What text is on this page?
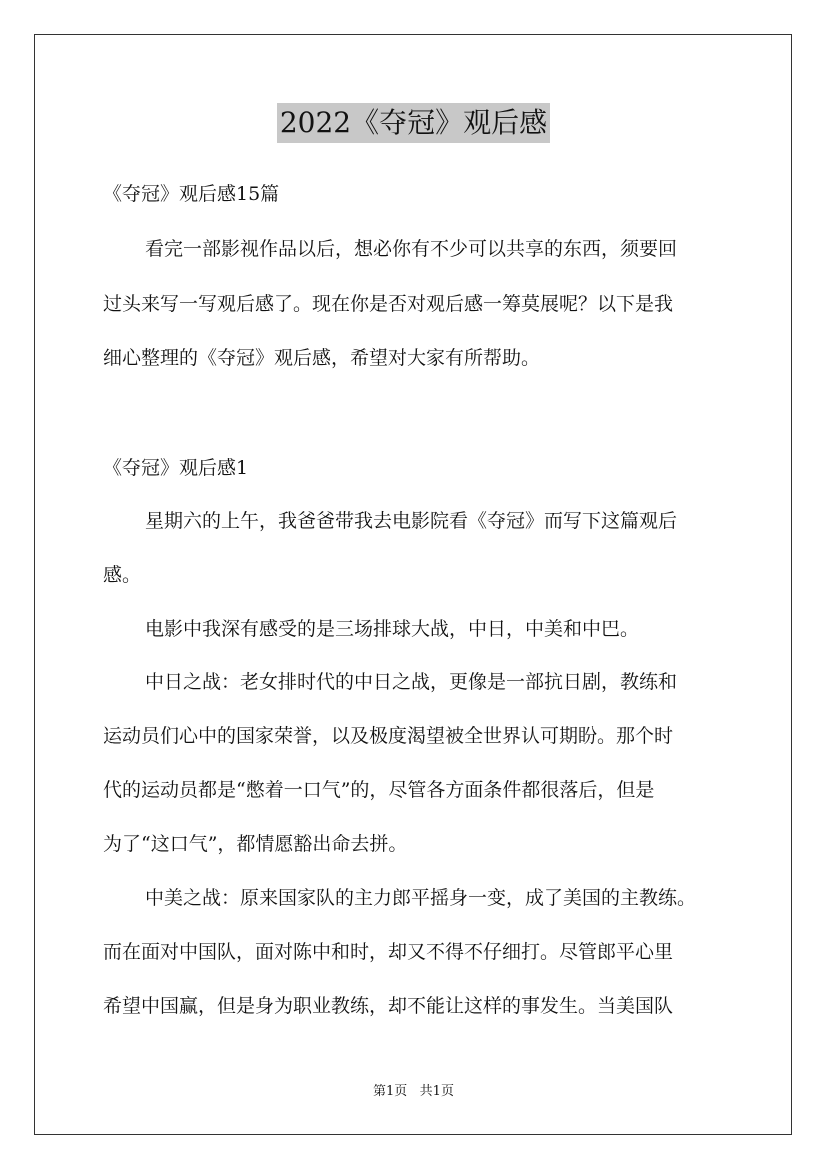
2022《夺冠》观后感
《夺冠》观后感15篇
看完一部影视作品以后，想必你有不少可以共享的东西，须要回
过头来写一写观后感了。现在你是否对观后感一筹莫展呢？以下是我
细心整理的《夺冠》观后感，希望对大家有所帮助。
《夺冠》观后感1
星期六的上午，我爸爸带我去电影院看《夺冠》而写下这篇观后
感。
电影中我深有感受的是三场排球大战，中日，中美和中巴。
中日之战：老女排时代的中日之战，更像是一部抗日剧，教练和
运动员们心中的国家荣誉，以及极度渴望被全世界认可期盼。那个时
代的运动员都是“憋着一口气”的，尽管各方面条件都很落后，但是
为了“这口气”，都情愿豁出命去拼。
中美之战：原来国家队的主力郎平摇身一变，成了美国的主教练。
而在面对中国队，面对陈中和时，却又不得不仔细打。尽管郎平心里
希望中国赢，但是身为职业教练，却不能让这样的事发生。当美国队
第1页   共1页
